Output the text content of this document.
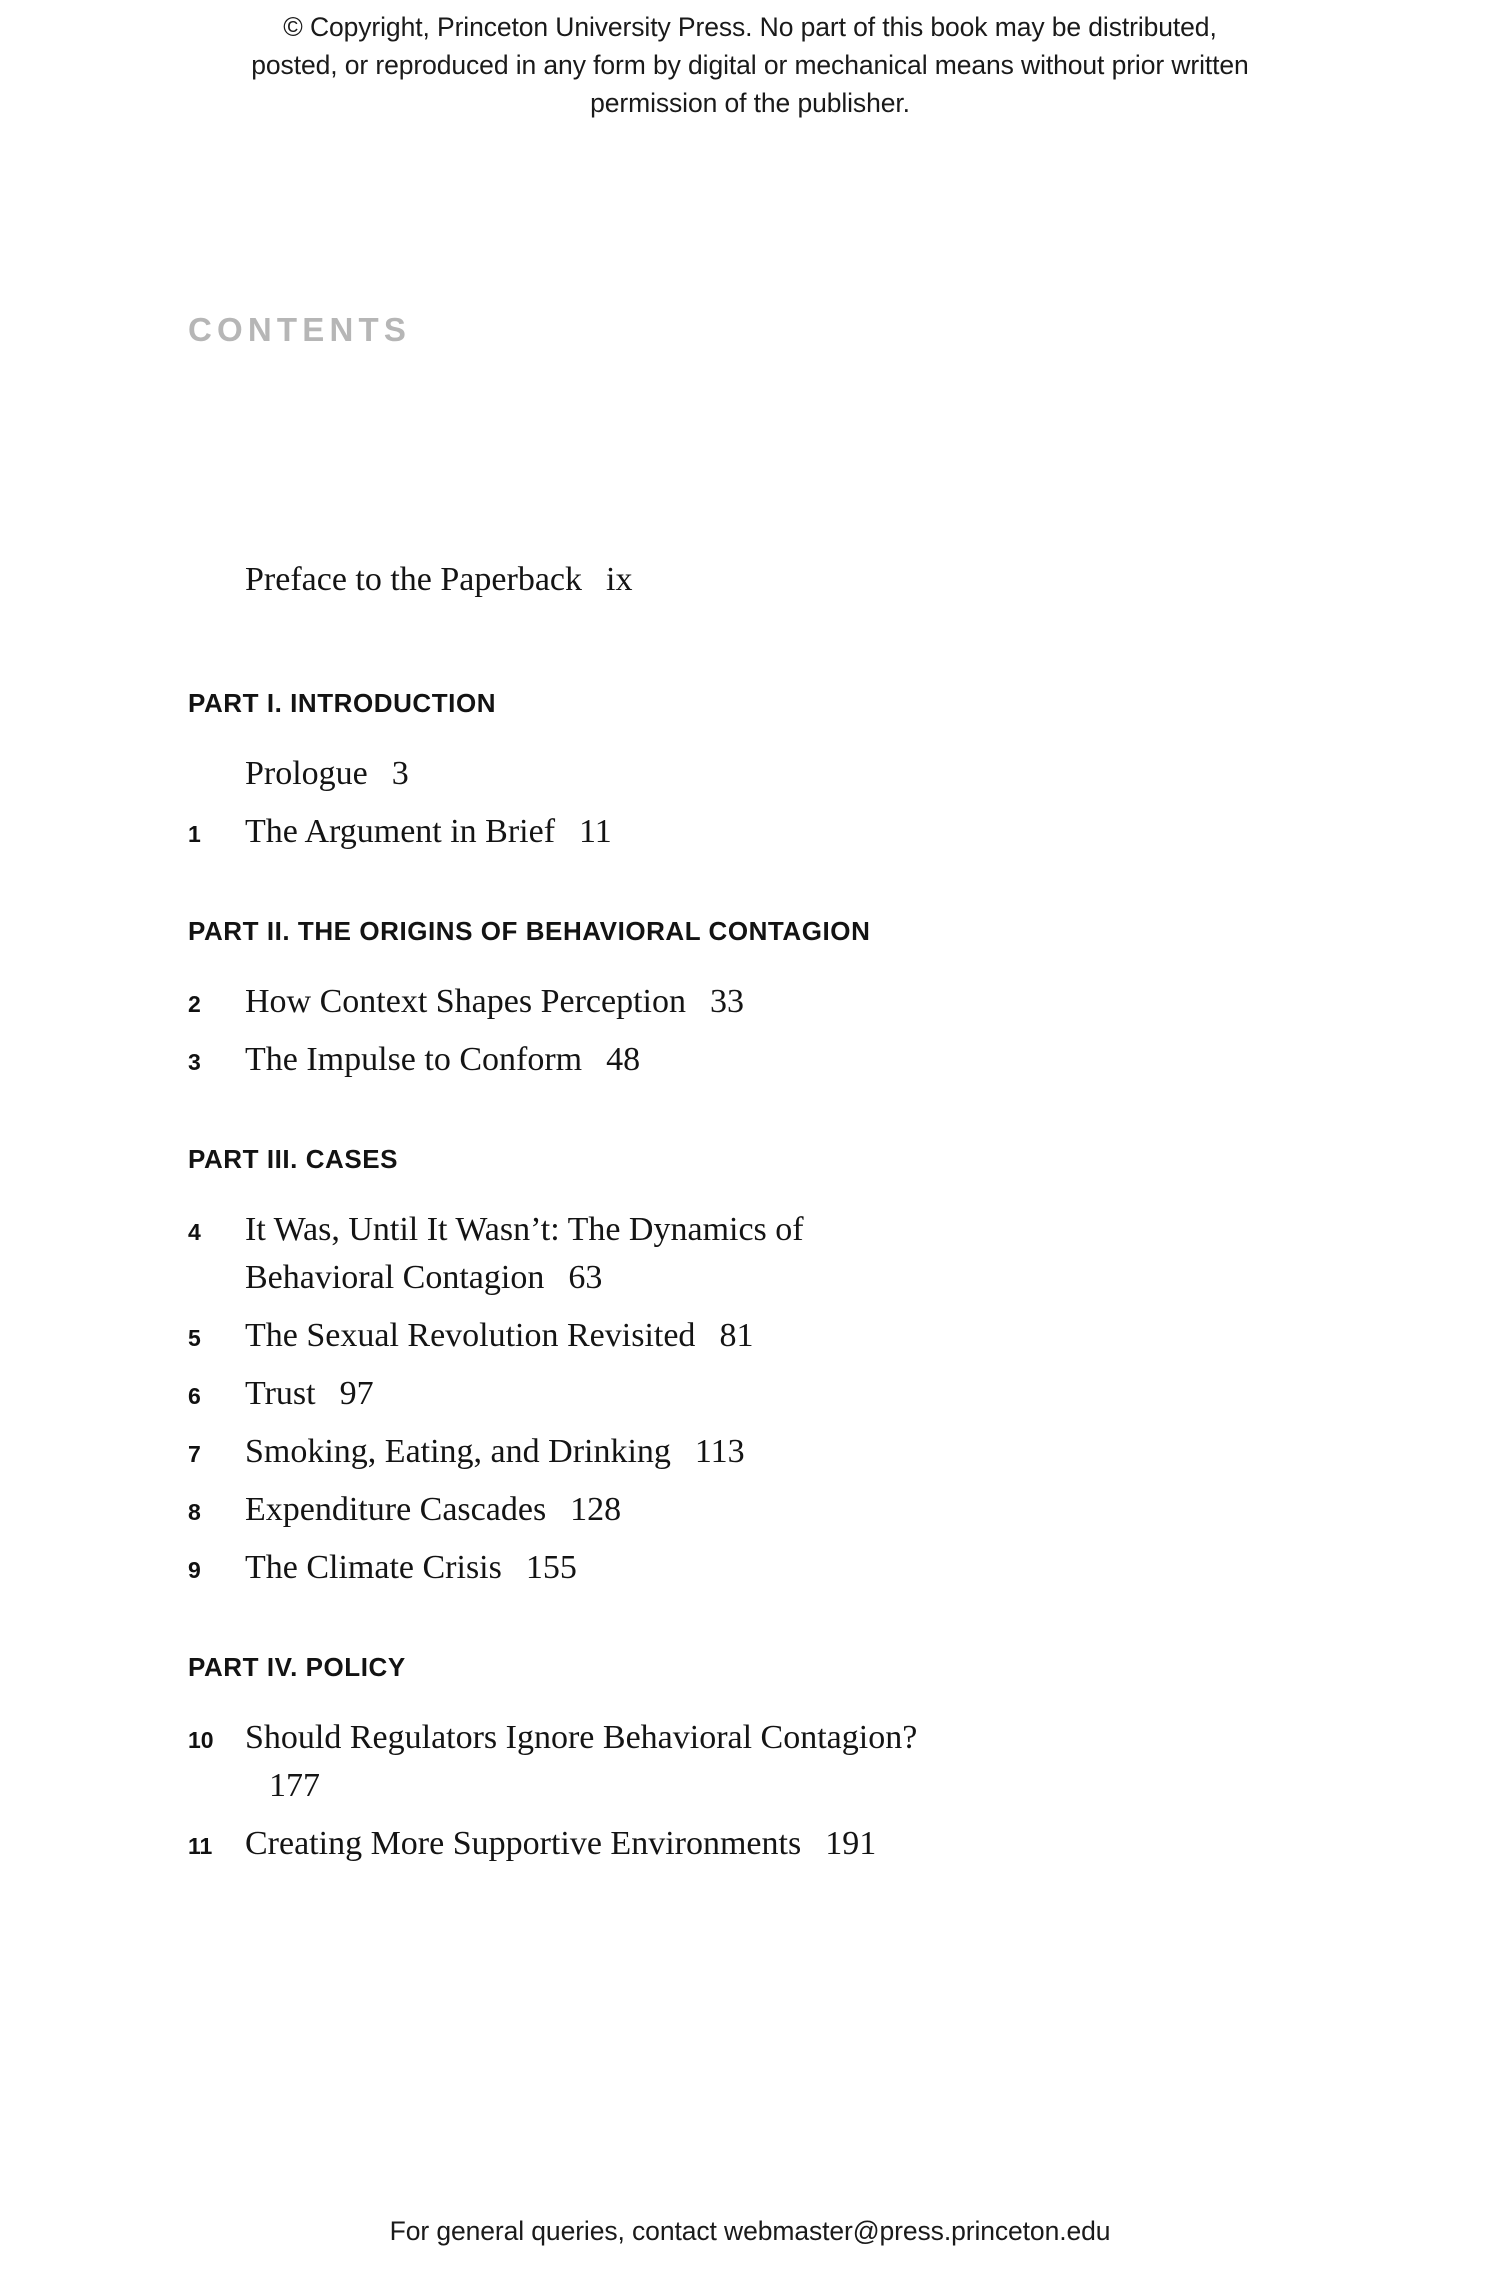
© Copyright, Princeton University Press. No part of this book may be distributed, posted, or reproduced in any form by digital or mechanical means without prior written permission of the publisher.
CONTENTS
Preface to the Paperback ix
PART I. INTRODUCTION
Prologue 3
1	The Argument in Brief 11
PART II. THE ORIGINS OF BEHAVIORAL CONTAGION
2	How Context Shapes Perception 33
3	The Impulse to Conform 48
PART III. CASES
4	It Was, Until It Wasn’t: The Dynamics of Behavioral Contagion 63
5	The Sexual Revolution Revisited 81
6	Trust 97
7	Smoking, Eating, and Drinking 113
8	Expenditure Cascades 128
9	The Climate Crisis 155
PART IV. POLICY
10 Should Regulators Ignore Behavioral Contagion?177
11 Creating More Supportive Environments 191
For general queries, contact webmaster@press.princeton.edu
